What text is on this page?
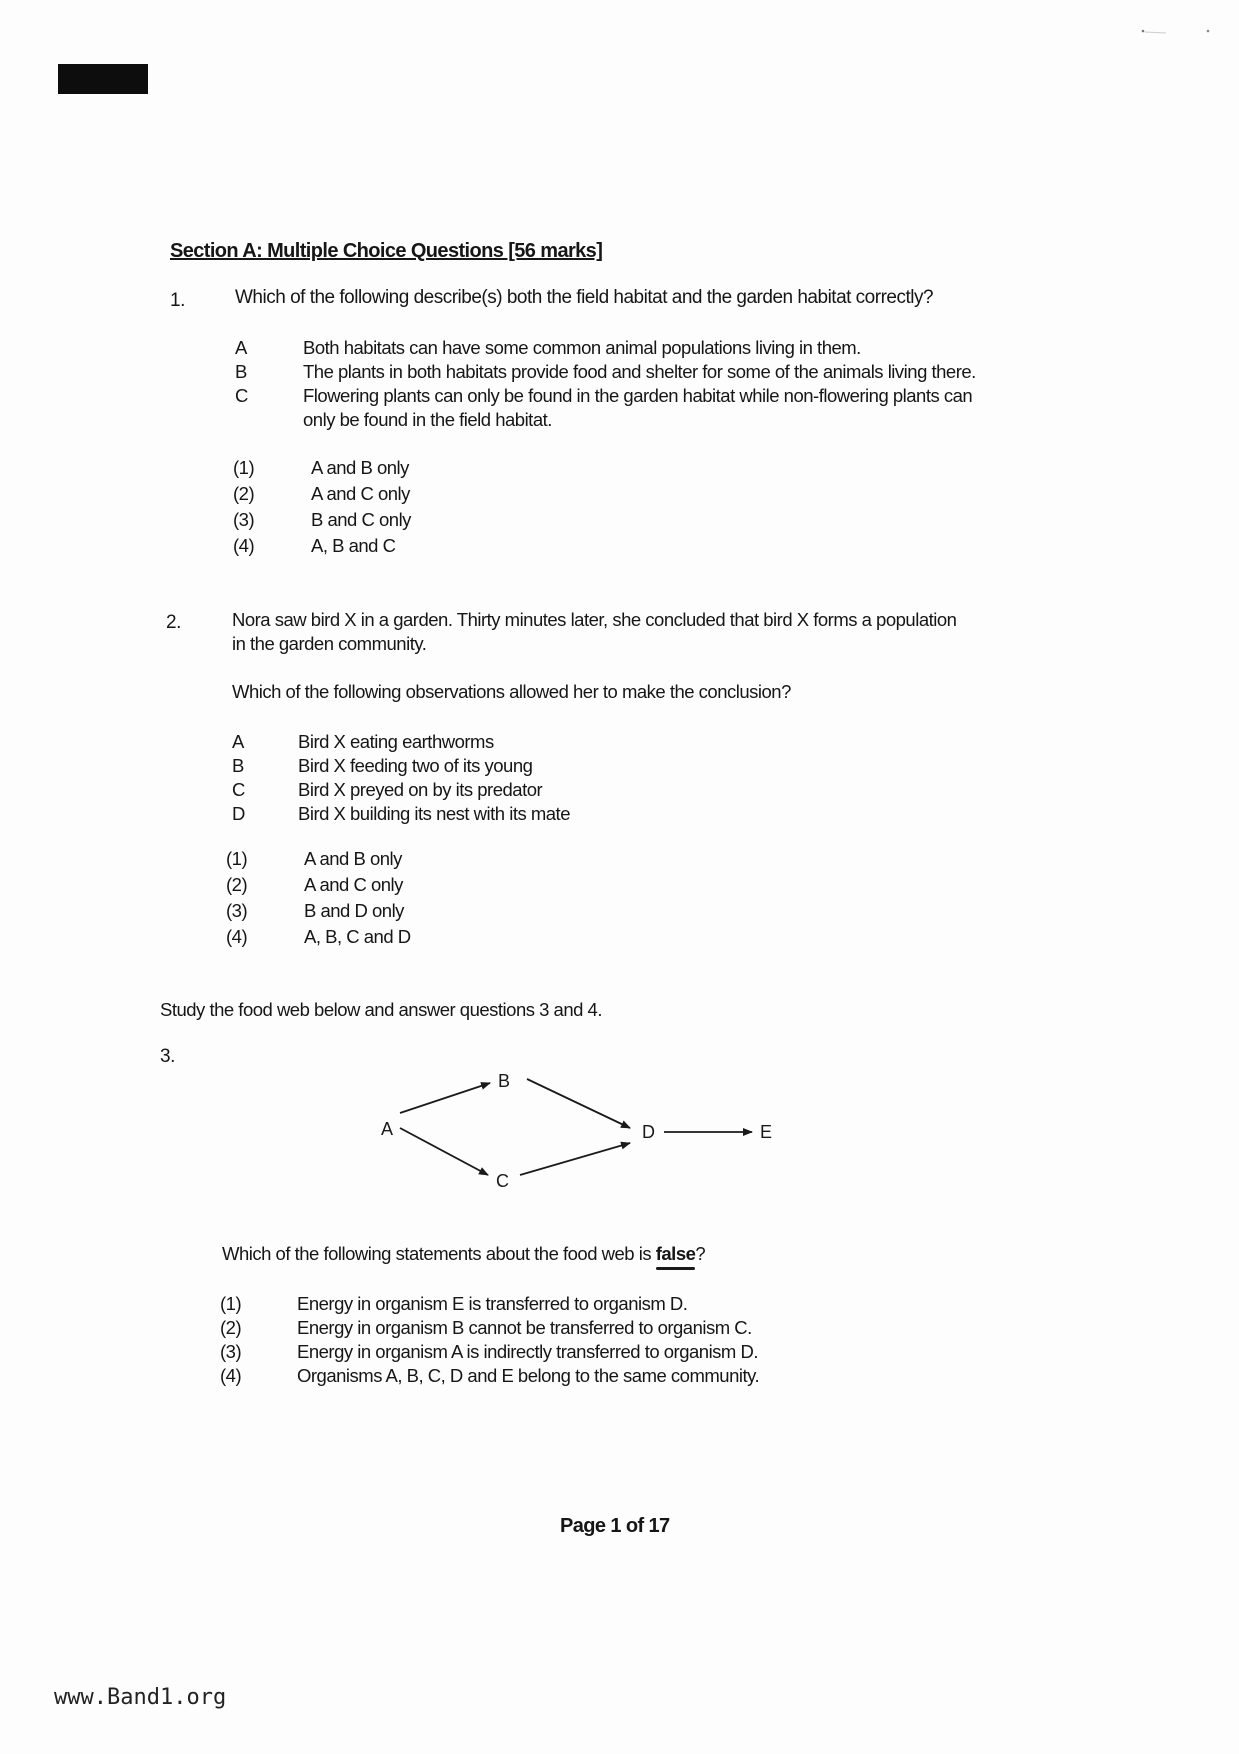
Section A: Multiple Choice Questions [56 marks]
1.	Which of the following describe(s) both the field habitat and the garden habitat correctly?
A	Both habitats can have some common animal populations living in them.
B	The plants in both habitats provide food and shelter for some of the animals living there.
C	Flowering plants can only be found in the garden habitat while non-flowering plants can
only be found in the field habitat.
(1)	A and B only
(2)	A and C only
(3)	B and C only
(4)	A, B and C
2.	Nora saw bird X in a garden. Thirty minutes later, she concluded that bird X forms a population
in the garden community.
Which of the following observations allowed her to make the conclusion?
A	Bird X eating earthworms
B	Bird X feeding two of its young
C	Bird X preyed on by its predator
D	Bird X building its nest with its mate
(1)	A and B only
(2)	A and C only
(3)	B and D only
(4)	A, B, C and D
Study the food web below and answer questions 3 and 4.
3.
A
B
C
D	E
Which of the following statements about the food web is false?
(1)	Energy in organism E is transferred to organism D.
(2)	Energy in organism B cannot be transferred to organism C.
(3)	Energy in organism A is indirectly transferred to organism D.
(4)	Organisms A, B, C, D and E belong to the same community.
Page 1 of 17
www.Band1.org
